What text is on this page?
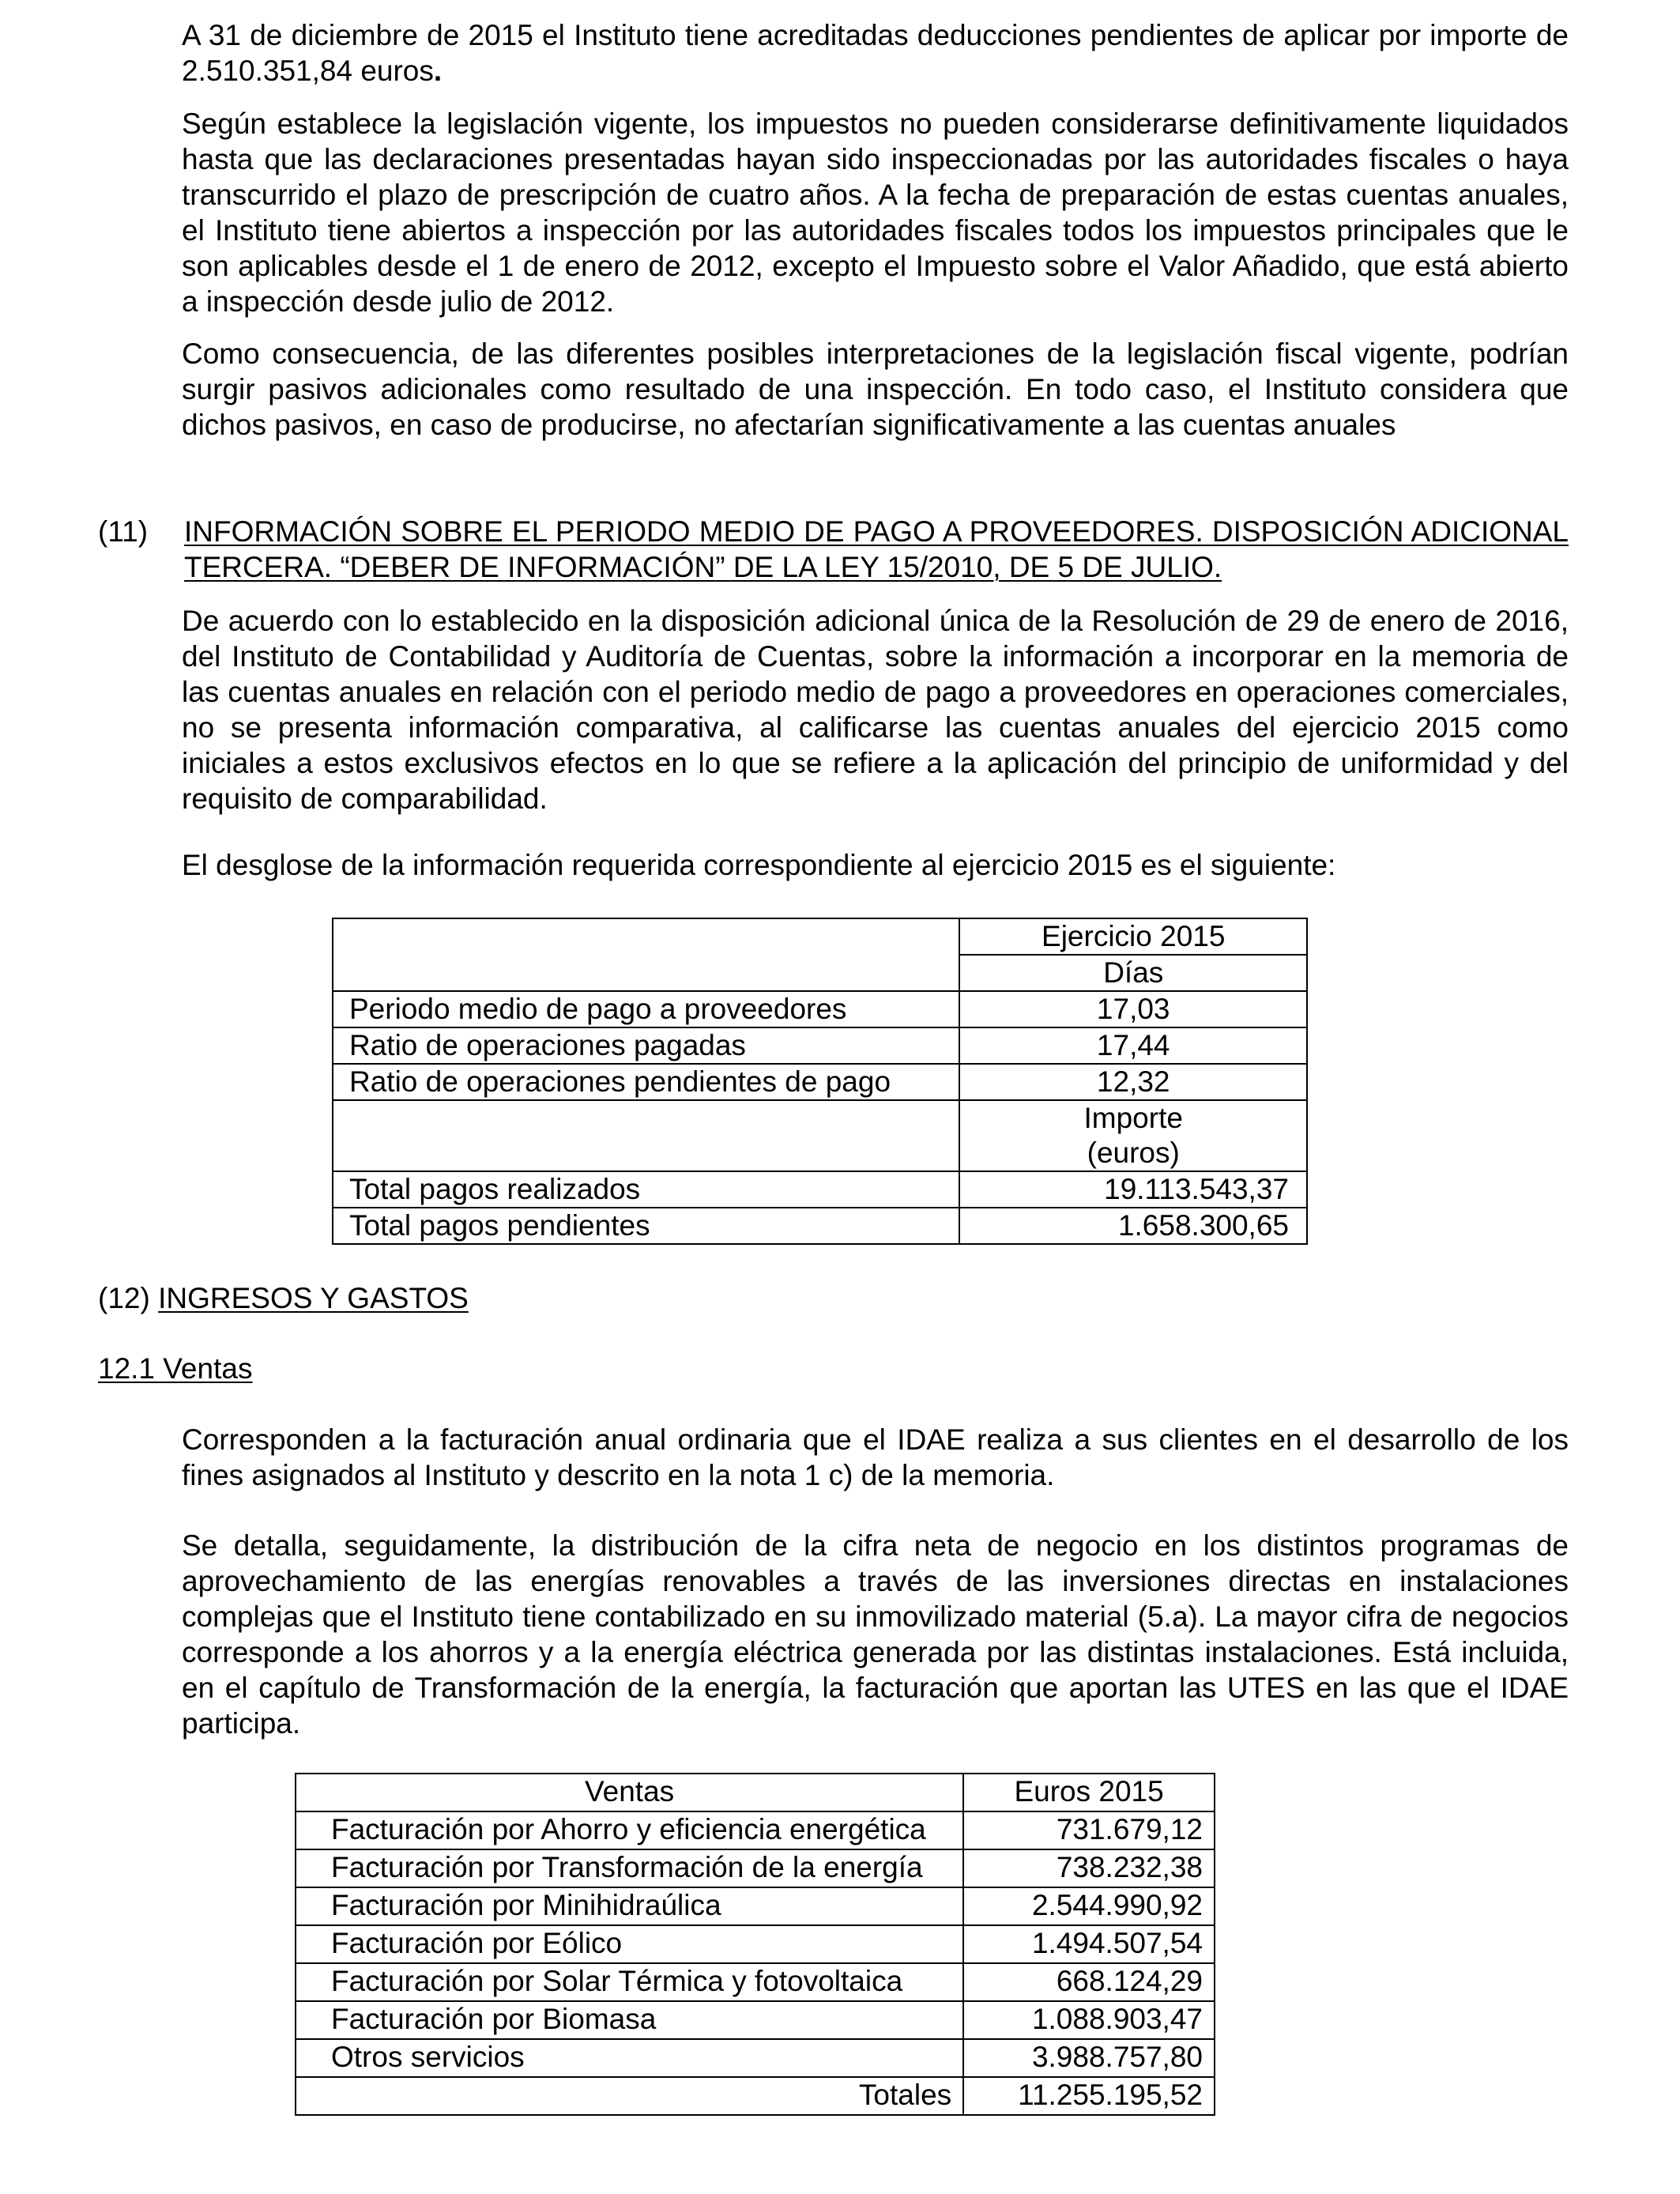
A 31 de diciembre de 2015 el Instituto tiene acreditadas deducciones pendientes de aplicar por importe de 2.510.351,84 euros.

Según establece la legislación vigente, los impuestos no pueden considerarse definitivamente liquidados hasta que las declaraciones presentadas hayan sido inspeccionadas por las autoridades fiscales o haya transcurrido el plazo de prescripción de cuatro años. A la fecha de preparación de estas cuentas anuales, el Instituto tiene abiertos a inspección por las autoridades fiscales todos los impuestos principales que le son aplicables desde el 1 de enero de 2012, excepto el Impuesto sobre el Valor Añadido, que está abierto a inspección desde julio de 2012.

Como consecuencia, de las diferentes posibles interpretaciones de la legislación fiscal vigente, podrían surgir pasivos adicionales como resultado de una inspección. En todo caso, el Instituto considera que dichos pasivos, en caso de producirse, no afectarían significativamente a las cuentas anuales

(11) INFORMACIÓN SOBRE EL PERIODO MEDIO DE PAGO A PROVEEDORES. DISPOSICIÓN ADICIONAL TERCERA. “DEBER DE INFORMACIÓN” DE LA LEY 15/2010, DE 5 DE JULIO.

De acuerdo con lo establecido en la disposición adicional única de la Resolución de 29 de enero de 2016, del Instituto de Contabilidad y Auditoría de Cuentas, sobre la información a incorporar en la memoria de las cuentas anuales en relación con el periodo medio de pago a proveedores en operaciones comerciales, no se presenta información comparativa, al calificarse las cuentas anuales del ejercicio 2015 como iniciales a estos exclusivos efectos en lo que se refiere a la aplicación del principio de uniformidad y del requisito de comparabilidad.

El desglose de la información requerida correspondiente al ejercicio 2015 es el siguiente:

	Ejercicio 2015
	Días
Periodo medio de pago a proveedores	17,03
Ratio de operaciones pagadas	17,44
Ratio de operaciones pendientes de pago	12,32

	Importe
(euros)

Total pagos realizados	19.113.543,37
Total pagos pendientes	1.658.300,65

(12) INGRESOS Y GASTOS

12.1 Ventas

Corresponden a la facturación anual ordinaria que el IDAE realiza a sus clientes en el desarrollo de los fines asignados al Instituto y descrito en la nota 1 c) de la memoria.

Se detalla, seguidamente, la distribución de la cifra neta de negocio en los distintos programas de aprovechamiento de las energías renovables a través de las inversiones directas en instalaciones complejas que el Instituto tiene contabilizado en su inmovilizado material (5.a). La mayor cifra de negocios corresponde a los ahorros y a la energía eléctrica generada por las distintas instalaciones. Está incluida, en el capítulo de Transformación de la energía, la facturación que aportan las UTES en las que el IDAE participa.

Ventas	Euros 2015
Facturación por Ahorro y eficiencia energética	731.679,12
Facturación por Transformación de la energía	738.232,38
Facturación por Minihidraúlica	2.544.990,92
Facturación por Eólico	1.494.507,54
Facturación por Solar Térmica y fotovoltaica	668.124,29
Facturación por Biomasa	1.088.903,47
Otros servicios	3.988.757,80
Totales	11.255.195,52
